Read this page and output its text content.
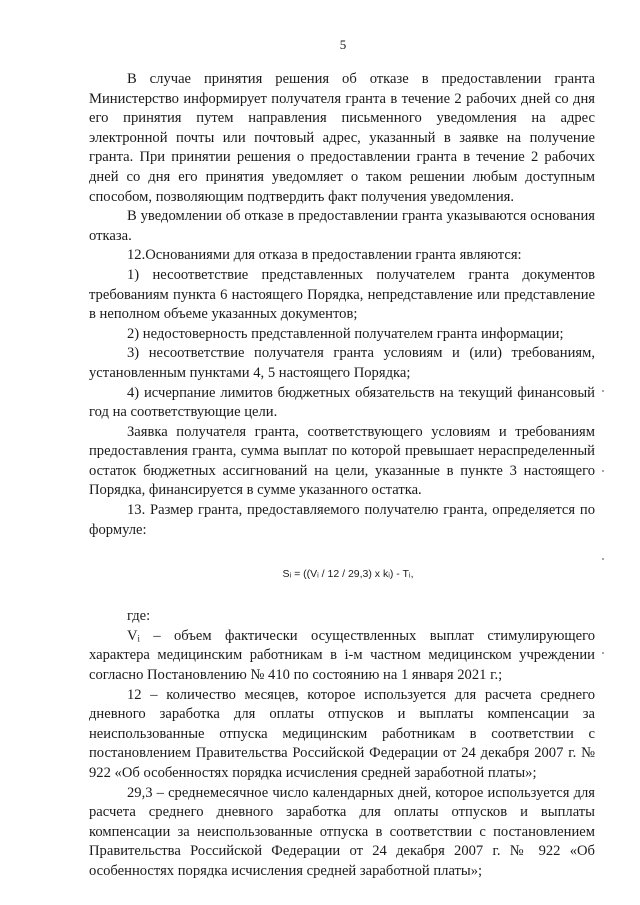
5

В случае принятия решения об отказе в предоставлении гранта Министерство информирует получателя гранта в течение 2 рабочих дней со дня его принятия путем направления письменного уведомления на адрес электронной почты или почтовый адрес, указанный в заявке на получение гранта. При принятии решения о предоставлении гранта в течение 2 рабочих дней со дня его принятия уведомляет о таком решении любым доступным способом, позволяющим подтвердить факт получения уведомления.

В уведомлении об отказе в предоставлении гранта указываются основания отказа.

12.Основаниями для отказа в предоставлении гранта являются:

1) несоответствие представленных получателем гранта документов требованиям пункта 6 настоящего Порядка, непредставление или представление в неполном объеме указанных документов;

2) недостоверность представленной получателем гранта информации;

3) несоответствие получателя гранта условиям и (или) требованиям, установленным пунктами 4, 5 настоящего Порядка;

4) исчерпание лимитов бюджетных обязательств на текущий финансовый год на соответствующие цели.

Заявка получателя гранта, соответствующего условиям и требованиям предоставления гранта, сумма выплат по которой превышает нераспределенный остаток бюджетных ассигнований на цели, указанные в пункте 3 настоящего Порядка, финансируется в сумме указанного остатка.

13. Размер гранта, предоставляемого получателю гранта, определяется по формуле:

Sᵢ = ((Vᵢ / 12 / 29,3) x kᵢ) - Tᵢ,

где:

Vᵢ – объем фактически осуществленных выплат стимулирующего характера медицинским работникам в i-м частном медицинском учреждении согласно Постановлению № 410 по состоянию на 1 января 2021 г.;

12 – количество месяцев, которое используется для расчета среднего дневного заработка для оплаты отпусков и выплаты компенсации за неиспользованные отпуска медицинским работникам в соответствии с постановлением Правительства Российской Федерации от 24 декабря 2007 г. № 922 «Об особенностях порядка исчисления средней заработной платы»;

29,3 – среднемесячное число календарных дней, которое используется для расчета среднего дневного заработка для оплаты отпусков и выплаты компенсации за неиспользованные отпуска в соответствии с постановлением Правительства Российской Федерации от 24 декабря 2007 г. № 922 «Об особенностях порядка исчисления средней заработной платы»;
